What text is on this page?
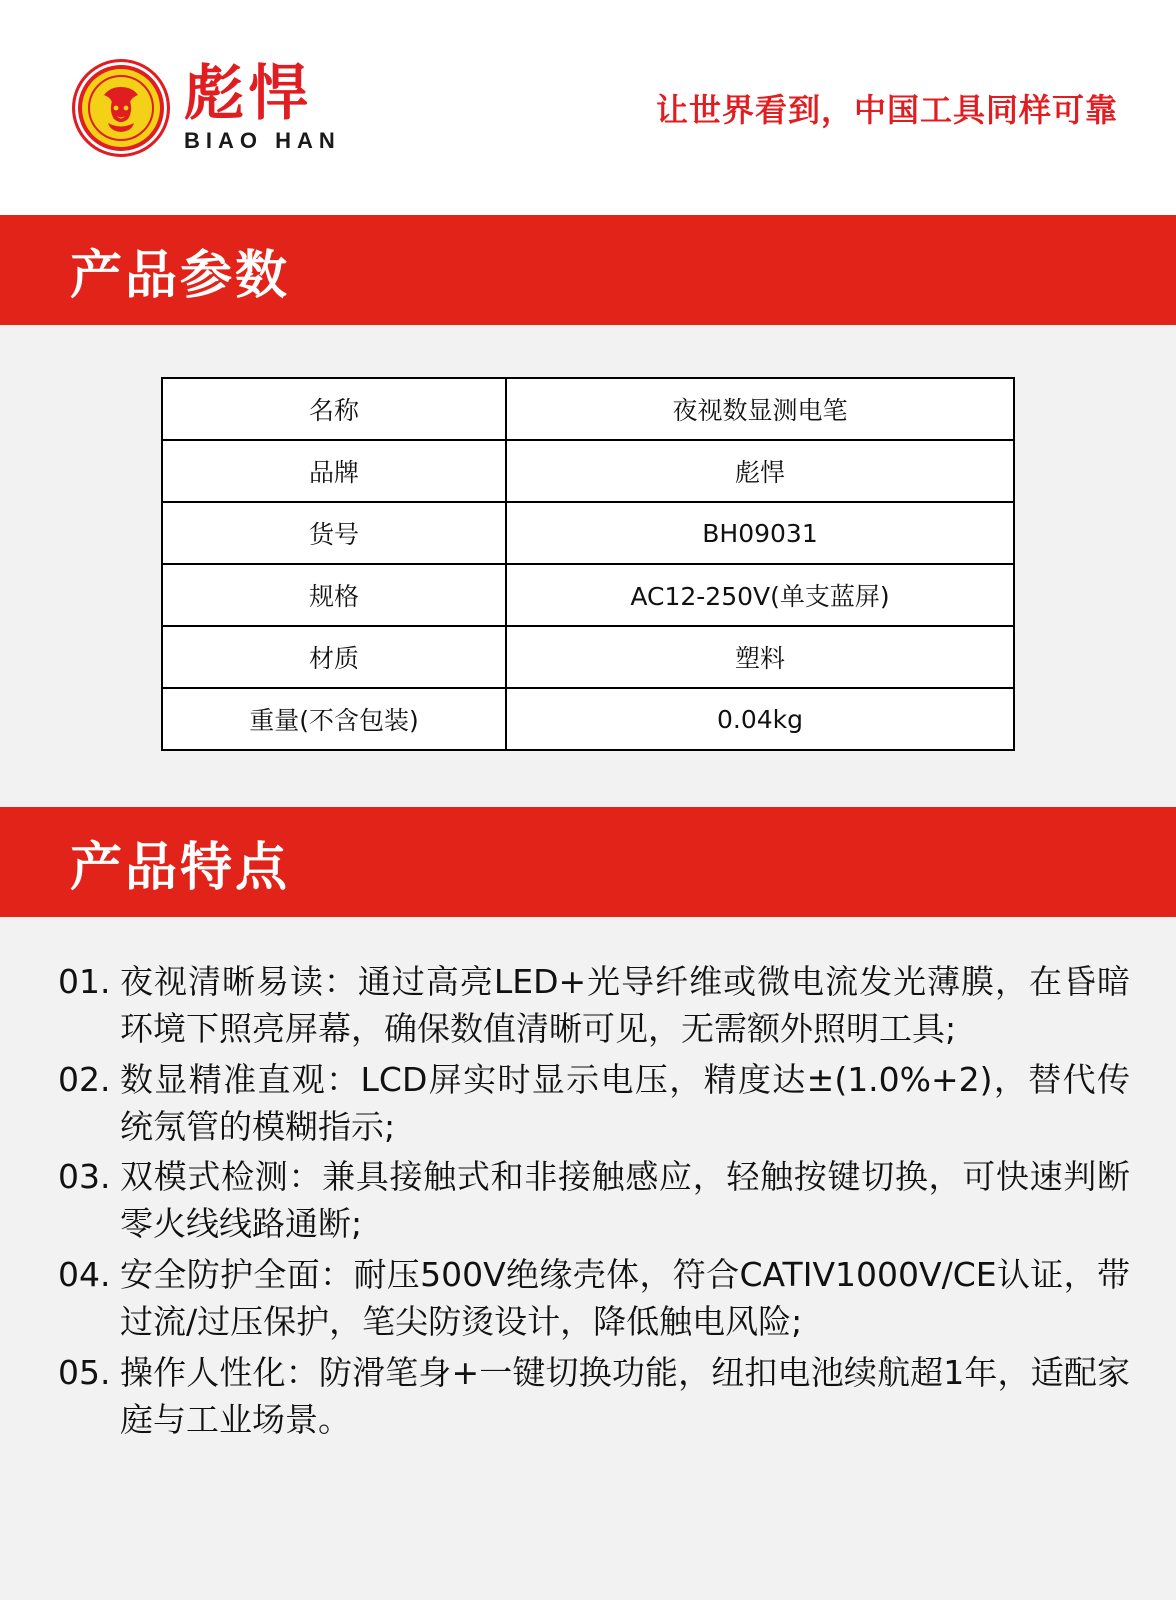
彪悍
BIAO HAN
让世界看到，中国工具同样可靠
产品参数
名称	夜视数显测电笔
品牌	彪悍
货号	BH09031
规格	AC12-250V(单支蓝屏)
材质	塑料
重量(不含包装)	0.04kg
产品特点
01. 夜视清晰易读：通过高亮LED+光导纤维或微电流发光薄膜，在昏暗环境下照亮屏幕，确保数值清晰可见，无需额外照明工具;
02. 数显精准直观：LCD屏实时显示电压，精度达±(1.0%+2)，替代传统氖管的模糊指示;
03. 双模式检测：兼具接触式和非接触感应，轻触按键切换，可快速判断零火线线路通断;
04. 安全防护全面：耐压500V绝缘壳体，符合CATIV1000V/CE认证，带过流/过压保护，笔尖防烫设计，降低触电风险;
05. 操作人性化：防滑笔身+一键切换功能，纽扣电池续航超1年，适配家庭与工业场景。
